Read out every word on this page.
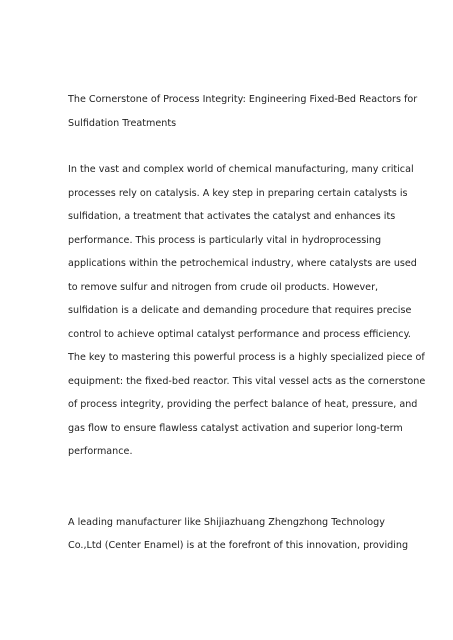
The Cornerstone of Process Integrity: Engineering Fixed-Bed Reactors for
Sulfidation Treatments
In the vast and complex world of chemical manufacturing, many critical
processes rely on catalysis. A key step in preparing certain catalysts is
sulfidation, a treatment that activates the catalyst and enhances its
performance. This process is particularly vital in hydroprocessing
applications within the petrochemical industry, where catalysts are used
to remove sulfur and nitrogen from crude oil products. However,
sulfidation is a delicate and demanding procedure that requires precise
control to achieve optimal catalyst performance and process efficiency.
The key to mastering this powerful process is a highly specialized piece of
equipment: the fixed-bed reactor. This vital vessel acts as the cornerstone
of process integrity, providing the perfect balance of heat, pressure, and
gas flow to ensure flawless catalyst activation and superior long-term
performance.
A leading manufacturer like Shijiazhuang Zhengzhong Technology
Co.,Ltd (Center Enamel) is at the forefront of this innovation, providing
